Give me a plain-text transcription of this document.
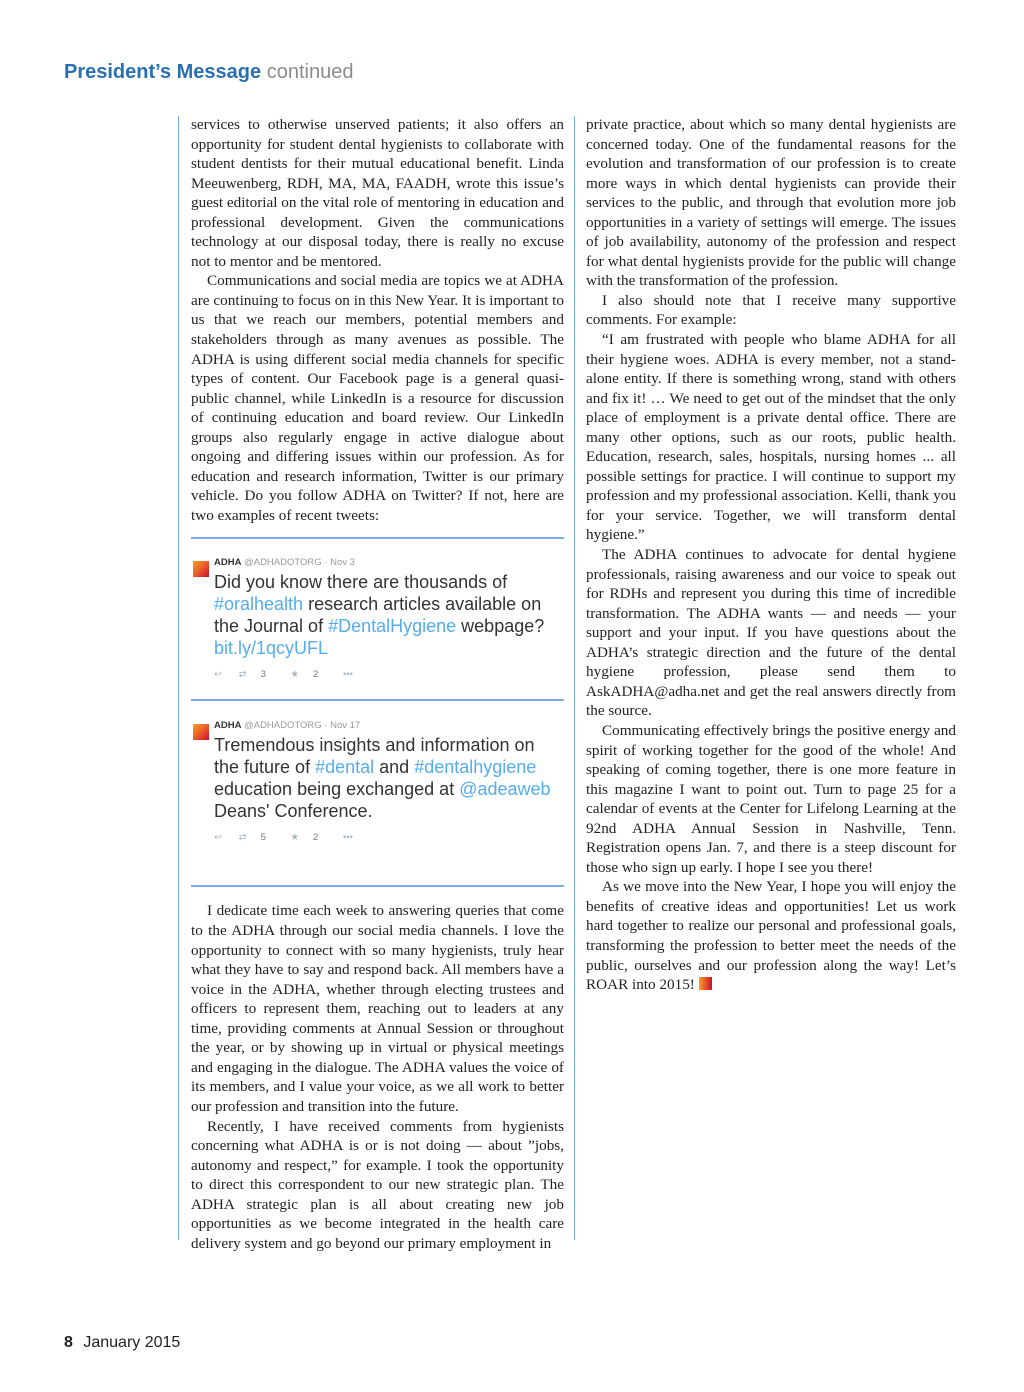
President’s Message continued

services to otherwise unserved patients; it also offers an opportunity for student dental hygienists to collaborate with student dentists for their mutual educational benefit. Linda Meeuwenberg, RDH, MA, MA, FAADH, wrote this issue’s guest editorial on the vital role of mentoring in education and professional development. Given the communications technology at our disposal today, there is really no excuse not to mentor and be mentored.

Communications and social media are topics we at ADHA are continuing to focus on in this New Year. It is important to us that we reach our members, potential members and stakeholders through as many avenues as possible. The ADHA is using different social media channels for specific types of content. Our Facebook page is a general quasi-public channel, while LinkedIn is a resource for discussion of continuing education and board review. Our LinkedIn groups also regularly engage in active dialogue about ongoing and differing issues within our profession. As for education and research information, Twitter is our primary vehicle. Do you follow ADHA on Twitter? If not, here are two examples of recent tweets:

ADHA @ADHADOTORG · Nov 3
Did you know there are thousands of #oralhealth research articles available on the Journal of #DentalHygiene webpage? bit.ly/1qcyUFL
↩ ⇄ 3	★ 2	•••
ADHA @ADHADOTORG · Nov 17
Tremendous insights and information on the future of #dental and #dentalhygiene education being exchanged at @adeaweb Deans' Conference.
↩ ⇄ 5	★ 2	•••

I dedicate time each week to answering queries that come to the ADHA through our social media channels. I love the opportunity to connect with so many hygienists, truly hear what they have to say and respond back. All members have a voice in the ADHA, whether through electing trustees and officers to represent them, reaching out to leaders at any time, providing comments at Annual Session or throughout the year, or by showing up in virtual or physical meetings and engaging in the dialogue. The ADHA values the voice of its members, and I value your voice, as we all work to better our profession and transition into the future.

Recently, I have received comments from hygienists concerning what ADHA is or is not doing — about ”jobs, autonomy and respect,” for example. I took the opportunity to direct this correspondent to our new strategic plan. The ADHA strategic plan is all about creating new job opportunities as we become integrated in the health care delivery system and go beyond our primary employment in

private practice, about which so many dental hygienists are concerned today. One of the fundamental reasons for the evolution and transformation of our profession is to create more ways in which dental hygienists can provide their services to the public, and through that evolution more job opportunities in a variety of settings will emerge. The issues of job availability, autonomy of the profession and respect for what dental hygienists provide for the public will change with the transformation of the profession.

I also should note that I receive many supportive comments. For example:

“I am frustrated with people who blame ADHA for all their hygiene woes. ADHA is every member, not a stand-alone entity. If there is something wrong, stand with others and fix it! … We need to get out of the mindset that the only place of employment is a private dental office. There are many other options, such as our roots, public health. Education, research, sales, hospitals, nursing homes ... all possible settings for practice. I will continue to support my profession and my professional association. Kelli, thank you for your service. Together, we will transform dental hygiene.”

The ADHA continues to advocate for dental hygiene professionals, raising awareness and our voice to speak out for RDHs and represent you during this time of incredible transformation. The ADHA wants — and needs — your support and your input. If you have questions about the ADHA’s strategic direction and the future of the dental hygiene profession, please send them to AskADHA@adha.net and get the real answers directly from the source.

Communicating effectively brings the positive energy and spirit of working together for the good of the whole! And speaking of coming together, there is one more feature in this magazine I want to point out. Turn to page 25 for a calendar of events at the Center for Lifelong Learning at the 92nd ADHA Annual Session in Nashville, Tenn. Registration opens Jan. 7, and there is a steep discount for those who sign up early. I hope I see you there!

As we move into the New Year, I hope you will enjoy the benefits of creative ideas and opportunities! Let us work hard together to realize our personal and professional goals, transforming the profession to better meet the needs of the public, ourselves and our profession along the way! Let’s ROAR into 2015!

8 January 2015
